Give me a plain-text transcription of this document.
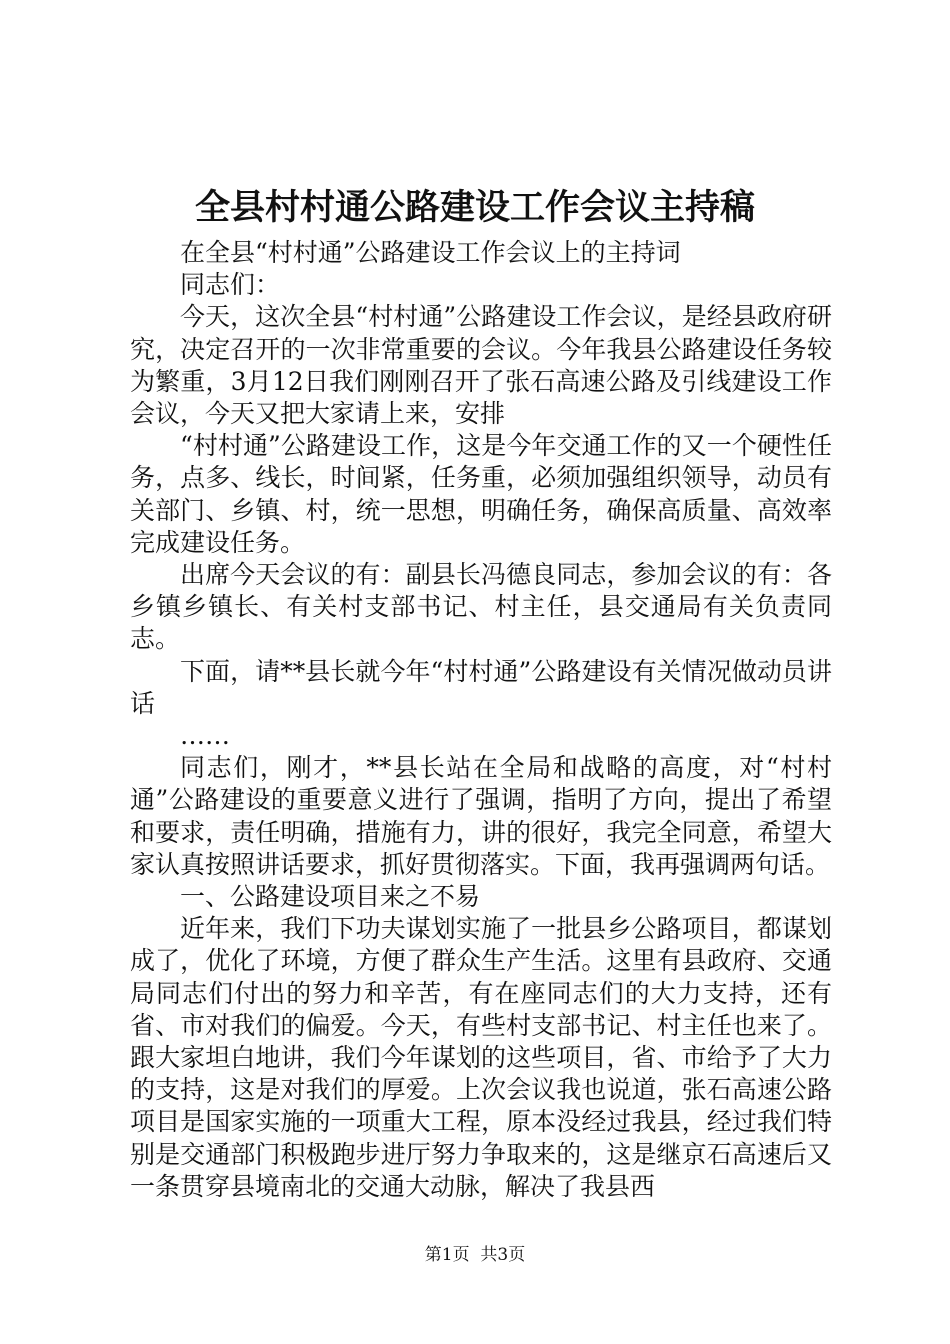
全县村村通公路建设工作会议主持稿

在全县“村村通”公路建设工作会议上的主持词

同志们：

今天，这次全县“村村通”公路建设工作会议，是经县政府研究，决定召开的一次非常重要的会议。今年我县公路建设任务较为繁重，3月12日我们刚刚召开了张石高速公路及引线建设工作会议，今天又把大家请上来，安排

“村村通”公路建设工作，这是今年交通工作的又一个硬性任务，点多、线长，时间紧，任务重，必须加强组织领导，动员有关部门、乡镇、村，统一思想，明确任务，确保高质量、高效率完成建设任务。

出席今天会议的有：副县长冯德良同志，参加会议的有：各乡镇乡镇长、有关村支部书记、村主任，县交通局有关负责同志。

下面，请**县长就今年“村村通”公路建设有关情况做动员讲话

……

同志们，刚才，**县长站在全局和战略的高度，对“村村通”公路建设的重要意义进行了强调，指明了方向，提出了希望和要求，责任明确，措施有力，讲的很好，我完全同意，希望大家认真按照讲话要求，抓好贯彻落实。下面，我再强调两句话。

一、公路建设项目来之不易

近年来，我们下功夫谋划实施了一批县乡公路项目，都谋划成了，优化了环境，方便了群众生产生活。这里有县政府、交通局同志们付出的努力和辛苦，有在座同志们的大力支持，还有省、市对我们的偏爱。今天，有些村支部书记、村主任也来了。跟大家坦白地讲，我们今年谋划的这些项目，省、市给予了大力的支持，这是对我们的厚爱。上次会议我也说道，张石高速公路项目是国家实施的一项重大工程，原本没经过我县，经过我们特别是交通部门积极跑步进厅努力争取来的，这是继京石高速后又一条贯穿县境南北的交通大动脉，解决了我县西

第1页 共3页
